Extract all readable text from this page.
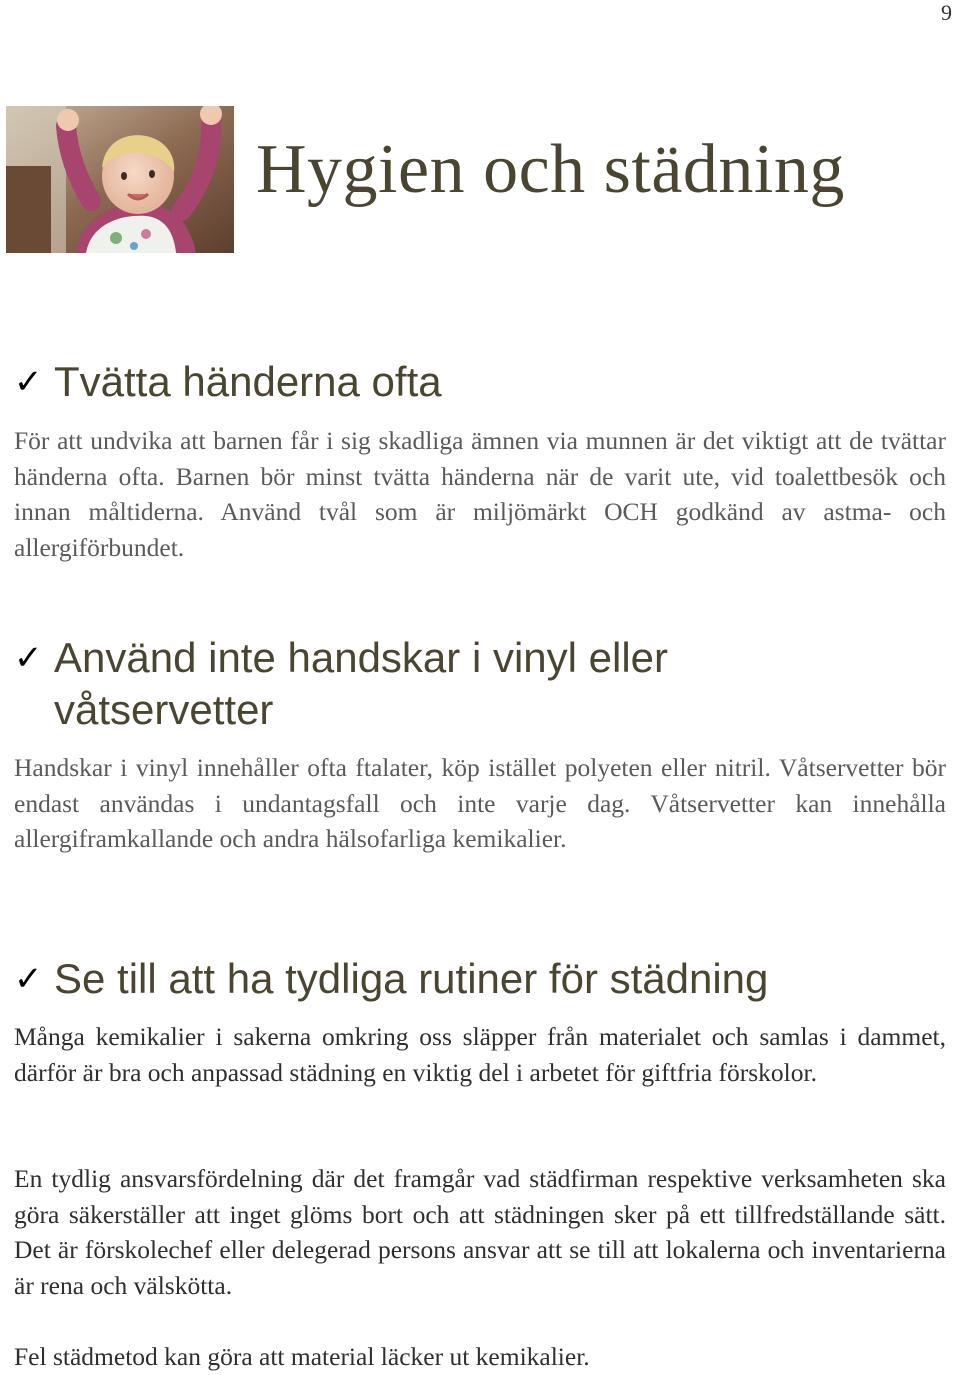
9
Hygien och städning
✓ Tvätta händerna ofta

För att undvika att barnen får i sig skadliga ämnen via munnen är det viktigt att de tvättar händerna ofta. Barnen bör minst tvätta händerna när de varit ute, vid toalettbesök och innan måltiderna. Använd tvål som är miljömärkt OCH godkänd av astma- och allergiförbundet.

✓ Använd inte handskar i vinyl eller
våtservetter

Handskar i vinyl innehåller ofta ftalater, köp istället polyeten eller nitril. Våtservetter bör endast användas i undantagsfall och inte varje dag. Våtservetter kan innehålla allergiframkallande och andra hälsofarliga kemikalier.

✓ Se till att ha tydliga rutiner för städning

Många kemikalier i sakerna omkring oss släpper från materialet och samlas i dammet, därför är bra och anpassad städning en viktig del i arbetet för giftfria förskolor.

En tydlig ansvarsfördelning där det framgår vad städfirman respektive verksamheten ska göra säkerställer att inget glöms bort och att städningen sker på ett tillfredställande sätt. Det är förskolechef eller delegerad persons ansvar att se till att lokalerna och inventarierna är rena och välskötta.

Fel städmetod kan göra att material läcker ut kemikalier.
